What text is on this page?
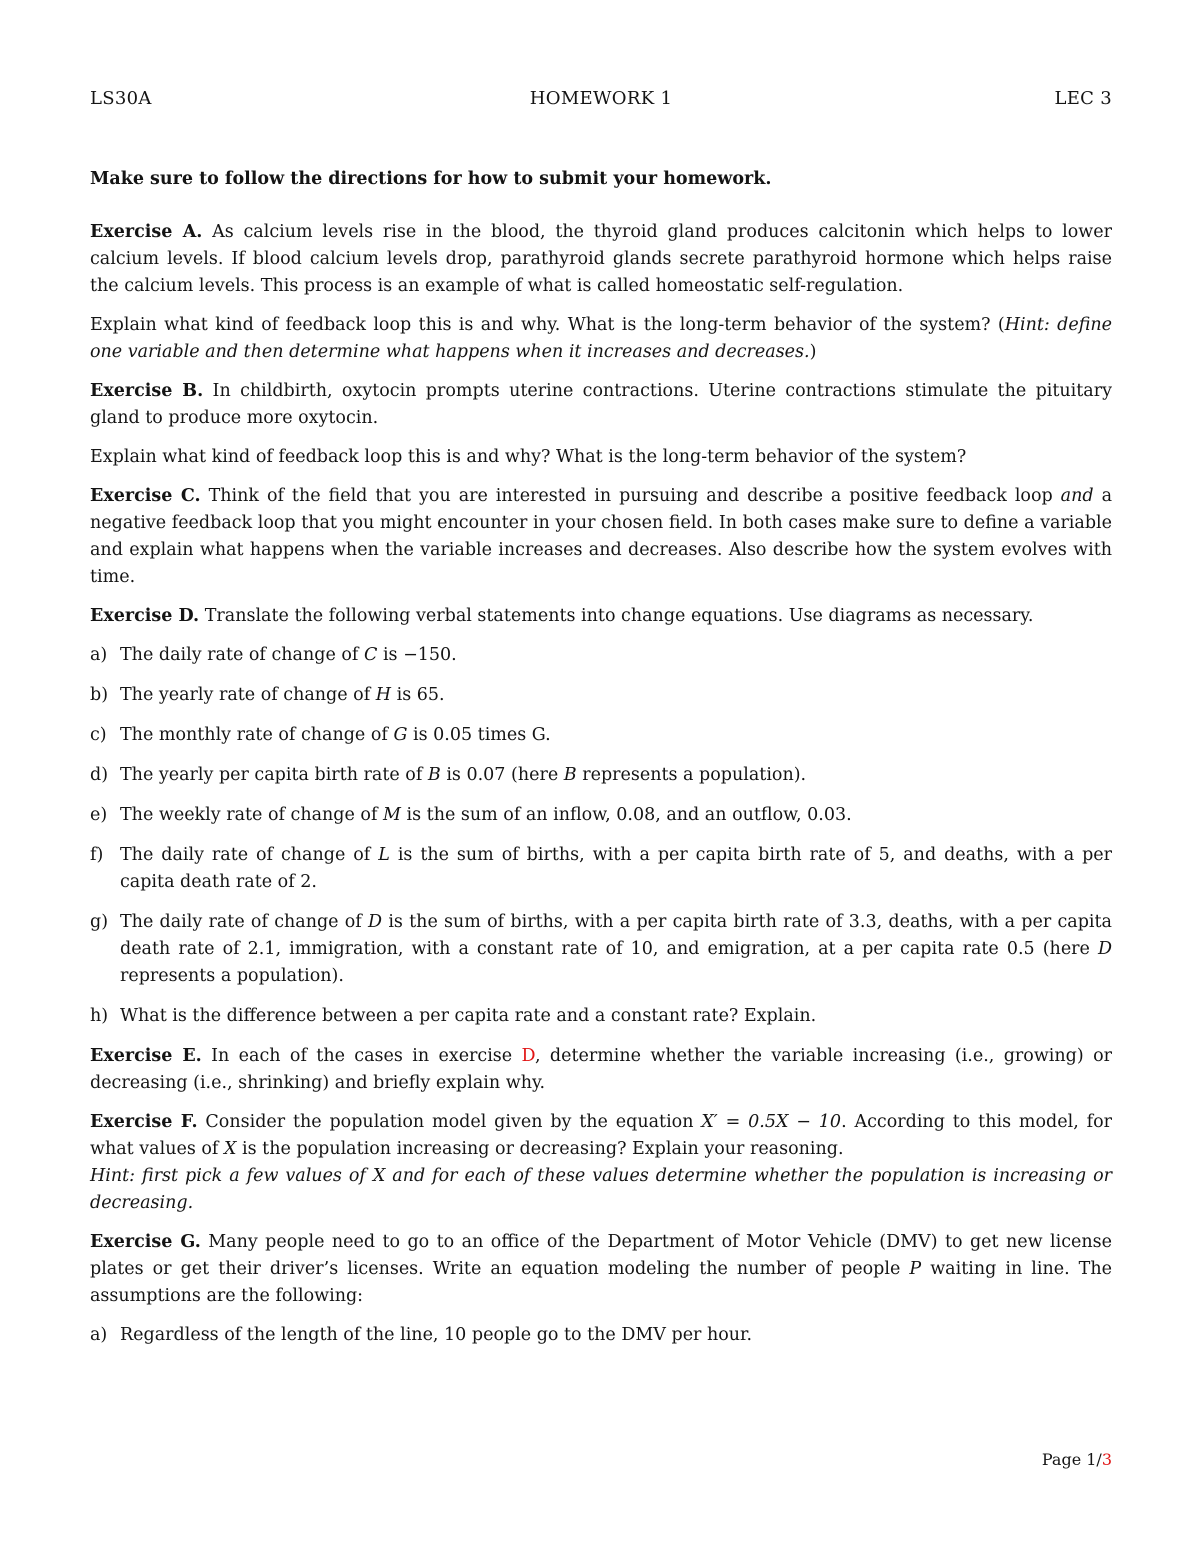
LS30A	HOMEWORK 1	LEC 3

Make sure to follow the directions for how to submit your homework.

Exercise A. As calcium levels rise in the blood, the thyroid gland produces calcitonin which helps to lower calcium levels. If blood calcium levels drop, parathyroid glands secrete parathyroid hormone which helps raise the calcium levels. This process is an example of what is called homeostatic self-regulation.

Explain what kind of feedback loop this is and why. What is the long-term behavior of the system? (Hint: define one variable and then determine what happens when it increases and decreases.)

Exercise B. In childbirth, oxytocin prompts uterine contractions. Uterine contractions stimulate the pituitary gland to produce more oxytocin.

Explain what kind of feedback loop this is and why? What is the long-term behavior of the system?

Exercise C. Think of the field that you are interested in pursuing and describe a positive feedback loop and a negative feedback loop that you might encounter in your chosen field. In both cases make sure to define a variable and explain what happens when the variable increases and decreases. Also describe how the system evolves with time.

Exercise D. Translate the following verbal statements into change equations. Use diagrams as necessary.

a) The daily rate of change of C is −150.
b) The yearly rate of change of H is 65.
c) The monthly rate of change of G is 0.05 times G.
d) The yearly per capita birth rate of B is 0.07 (here B represents a population).
e) The weekly rate of change of M is the sum of an inflow, 0.08, and an outflow, 0.03.
f) The daily rate of change of L is the sum of births, with a per capita birth rate of 5, and deaths, with a per capita death rate of 2.
g) The daily rate of change of D is the sum of births, with a per capita birth rate of 3.3, deaths, with a per capita death rate of 2.1, immigration, with a constant rate of 10, and emigration, at a per capita rate 0.5 (here D represents a population).
h) What is the difference between a per capita rate and a constant rate? Explain.

Exercise E. In each of the cases in exercise D, determine whether the variable increasing (i.e., growing) or decreasing (i.e., shrinking) and briefly explain why.

Exercise F. Consider the population model given by the equation X′ = 0.5X − 10. According to this model, for what values of X is the population increasing or decreasing? Explain your reasoning.

Hint: first pick a few values of X and for each of these values determine whether the population is increasing or decreasing.

Exercise G. Many people need to go to an office of the Department of Motor Vehicle (DMV) to get new license plates or get their driver’s licenses. Write an equation modeling the number of people P waiting in line. The assumptions are the following:

a) Regardless of the length of the line, 10 people go to the DMV per hour.
Page 1/3
